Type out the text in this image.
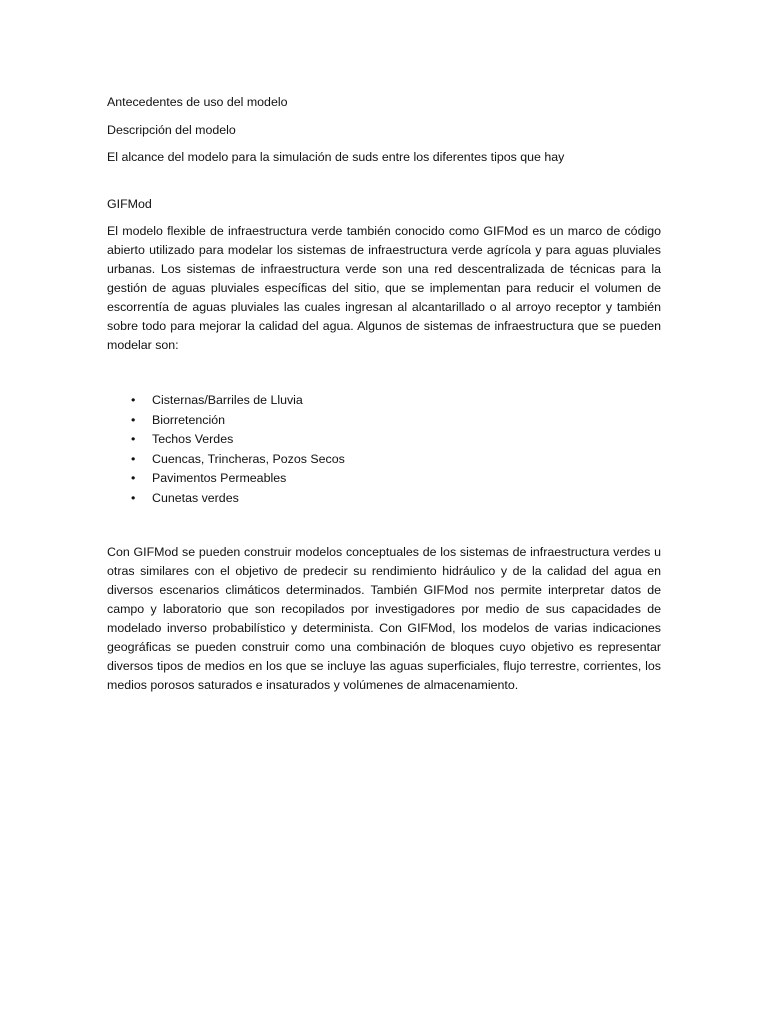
Antecedentes de uso del modelo

Descripción del modelo

El alcance del modelo para la simulación de suds entre los diferentes tipos que hay

GIFMod

El modelo flexible de infraestructura verde también conocido como GIFMod es un marco de código abierto utilizado para modelar los sistemas de infraestructura verde agrícola y para aguas pluviales urbanas. Los sistemas de infraestructura verde son una red descentralizada de técnicas para la gestión de aguas pluviales específicas del sitio, que se implementan para reducir el volumen de escorrentía de aguas pluviales las cuales ingresan al alcantarillado o al arroyo receptor y también sobre todo para mejorar la calidad del agua. Algunos de sistemas de infraestructura que se pueden modelar son:

• Cisternas/Barriles de Lluvia
• Biorretención
• Techos Verdes
• Cuencas, Trincheras, Pozos Secos
• Pavimentos Permeables
• Cunetas verdes

Con GIFMod se pueden construir modelos conceptuales de los sistemas de infraestructura verdes u otras similares con el objetivo de predecir su rendimiento hidráulico y de la calidad del agua en diversos escenarios climáticos determinados. También GIFMod nos permite interpretar datos de campo y laboratorio que son recopilados por investigadores por medio de sus capacidades de modelado inverso probabilístico y determinista. Con GIFMod, los modelos de varias indicaciones geográficas se pueden construir como una combinación de bloques cuyo objetivo es representar diversos tipos de medios en los que se incluye las aguas superficiales, flujo terrestre, corrientes, los medios porosos saturados e insaturados y volúmenes de almacenamiento.
